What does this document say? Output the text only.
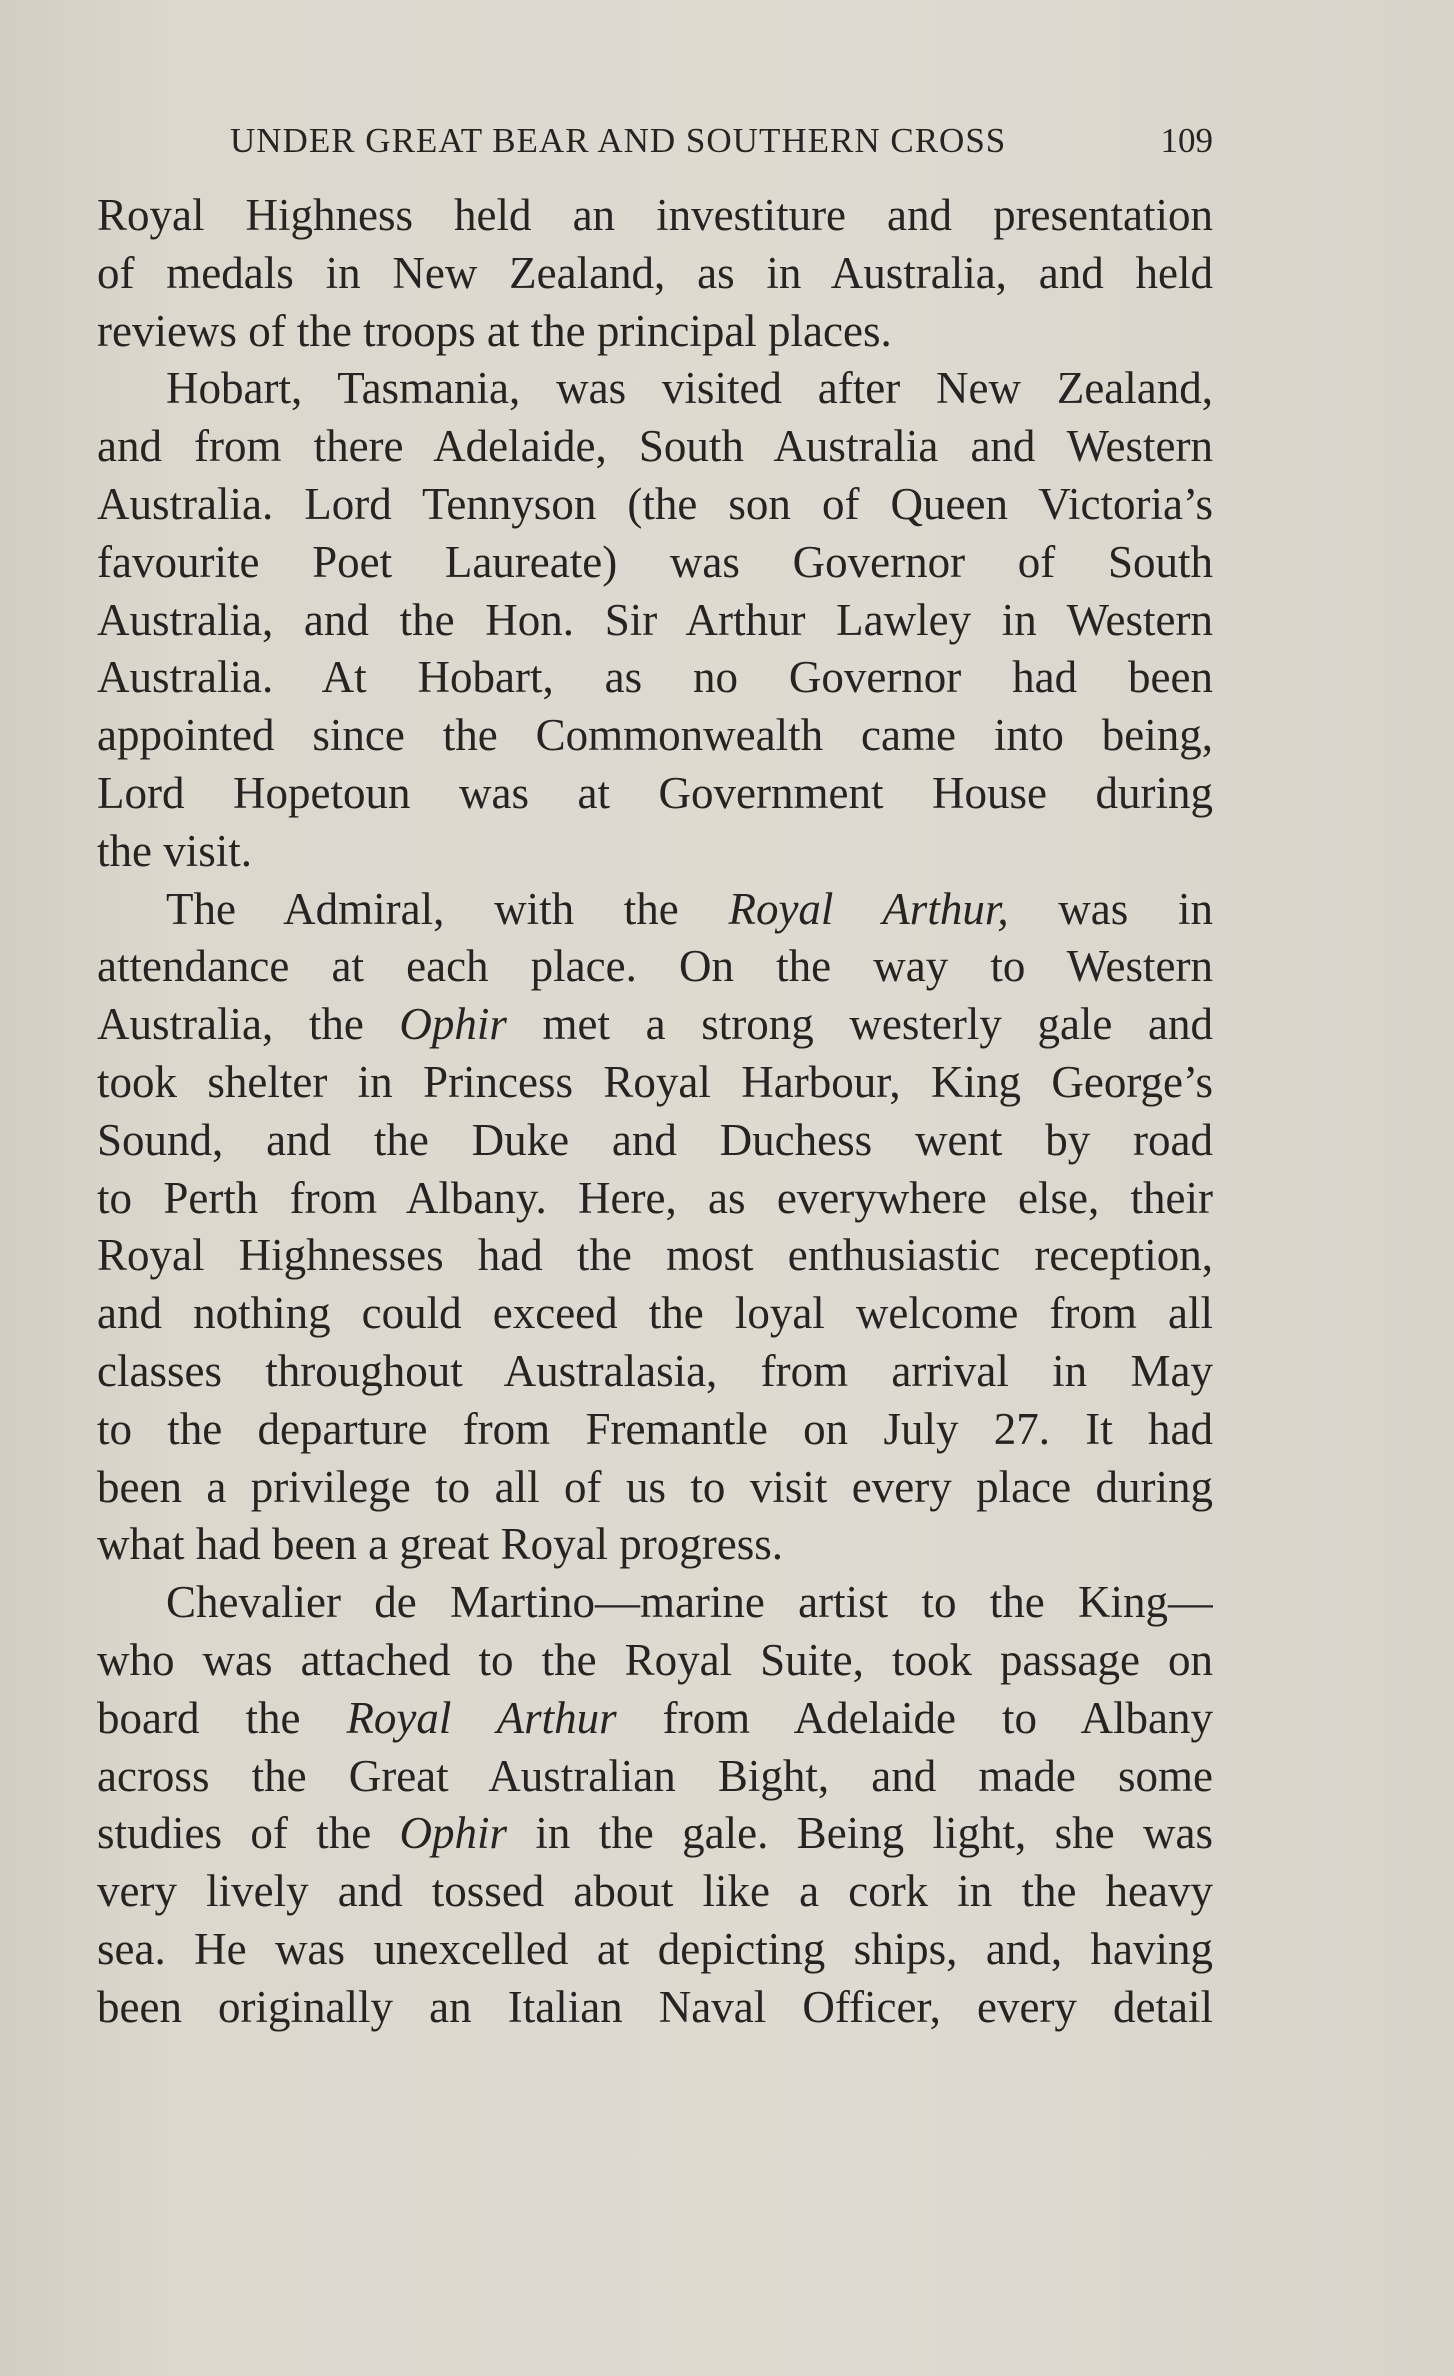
UNDER GREAT BEAR AND SOUTHERN CROSS	109
Royal Highness held an investiture and presentation
of medals in New Zealand, as in Australia, and held
reviews of the troops at the principal places.
Hobart, Tasmania, was visited after New Zealand,
and from there Adelaide, South Australia and Western
Australia. Lord Tennyson (the son of Queen Victoria’s
favourite Poet Laureate) was Governor of South
Australia, and the Hon. Sir Arthur Lawley in Western
Australia. At Hobart, as no Governor had been
appointed since the Commonwealth came into being,
Lord Hopetoun was at Government House during
the visit.
The Admiral, with the Royal Arthur, was in
attendance at each place. On the way to Western
Australia, the Ophir met a strong westerly gale and
took shelter in Princess Royal Harbour, King George’s
Sound, and the Duke and Duchess went by road
to Perth from Albany. Here, as everywhere else, their
Royal Highnesses had the most enthusiastic reception,
and nothing could exceed the loyal welcome from all
classes throughout Australasia, from arrival in May
to the departure from Fremantle on July 27. It had
been a privilege to all of us to visit every place during
what had been a great Royal progress.
Chevalier de Martino—marine artist to the King—
who was attached to the Royal Suite, took passage on
board the Royal Arthur from Adelaide to Albany
across the Great Australian Bight, and made some
studies of the Ophir in the gale. Being light, she was
very lively and tossed about like a cork in the heavy
sea. He was unexcelled at depicting ships, and, having
been originally an Italian Naval Officer, every detail
